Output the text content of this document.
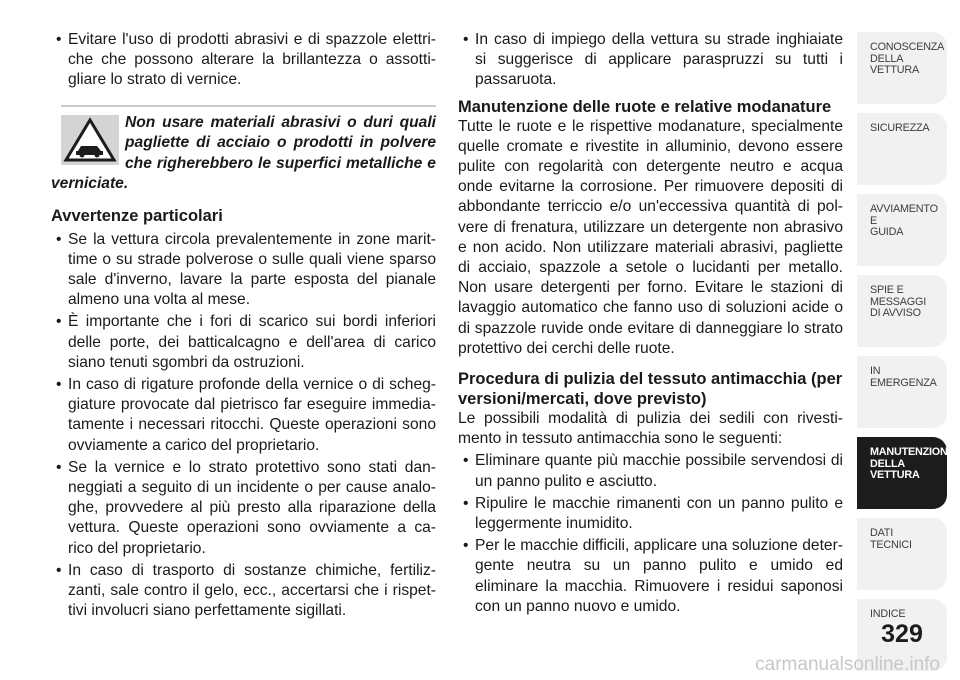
• Evitare l'uso di prodotti abrasivi e di spazzole elettri-che che possono alterare la brillantezza o assotti-gliare lo strato di vernice.
Non usare materiali abrasivi o duri quali pagliette di acciaio o prodotti in polvere che righerebbero le superfici metalliche e verniciate.
Avvertenze particolari
• Se la vettura circola prevalentemente in zone marit-time o su strade polverose o sulle quali viene sparso sale d'inverno, lavare la parte esposta del pianale almeno una volta al mese.
• È importante che i fori di scarico sui bordi inferiori delle porte, dei batticalcagno e dell'area di carico siano tenuti sgombri da ostruzioni.
• In caso di rigature profonde della vernice o di scheg-giature provocate dal pietrisco far eseguire immedia-tamente i necessari ritocchi. Queste operazioni sono ovviamente a carico del proprietario.
• Se la vernice e lo strato protettivo sono stati dan-neggiati a seguito di un incidente o per cause analo-ghe, provvedere al più presto alla riparazione della vettura. Queste operazioni sono ovviamente a ca-rico del proprietario.
• In caso di trasporto di sostanze chimiche, fertiliz-zanti, sale contro il gelo, ecc., accertarsi che i rispet-tivi involucri siano perfettamente sigillati.
• In caso di impiego della vettura su strade inghiaiate si suggerisce di applicare paraspruzzi su tutti i passaruota.
Manutenzione delle ruote e relative modanature

Tutte le ruote e le rispettive modanature, specialmente quelle cromate e rivestite in alluminio, devono essere pulite con regolarità con detergente neutro e acqua onde evitarne la corrosione. Per rimuovere depositi di abbondante terriccio e/o un'eccessiva quantità di pol-vere di frenatura, utilizzare un detergente non abrasivo e non acido. Non utilizzare materiali abrasivi, pagliette di acciaio, spazzole a setole o lucidanti per metallo. Non usare detergenti per forno. Evitare le stazioni di lavaggio automatico che fanno uso di soluzioni acide o di spazzole ruvide onde evitare di danneggiare lo strato protettivo dei cerchi delle ruote.

Procedura di pulizia del tessuto antimacchia (per versioni/mercati, dove previsto)

Le possibili modalità di pulizia dei sedili con rivesti-mento in tessuto antimacchia sono le seguenti:

• Eliminare quante più macchie possibile servendosi di un panno pulito e asciutto.
• Ripulire le macchie rimanenti con un panno pulito e leggermente inumidito.
• Per le macchie difficili, applicare una soluzione deter-gente neutra su un panno pulito e umido ed eliminare la macchia. Rimuovere i residui saponosi con un panno nuovo e umido.
CONOSCENZA
DELLA
VETTURA
SICUREZZA
AVVIAMENTO
E
GUIDA
SPIE E
MESSAGGI
DI AVVISO
IN
EMERGENZA
MANUTENZIONE
DELLA
VETTURA
DATI
TECNICI
INDICE
329
carmanualsonline.info
